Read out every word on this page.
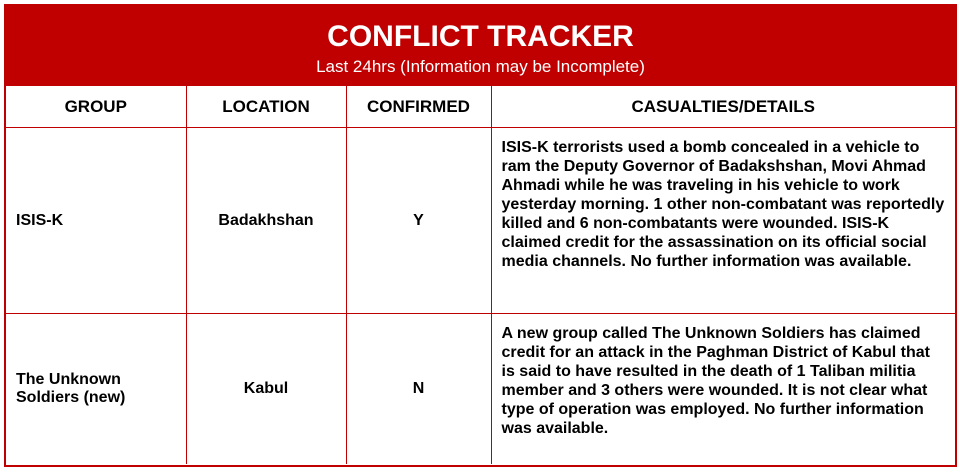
CONFLICT TRACKER
Last 24hrs (Information may be Incomplete)
GROUP	LOCATION	CONFIRMED	CASUALTIES/DETAILS
ISIS-K	Badakhshan	Y	ISIS-K terrorists used a bomb concealed in a vehicle to ram the Deputy Governor of Badakshshan, Movi Ahmad Ahmadi while he was traveling in his vehicle to work yesterday morning. 1 other non-combatant was reportedly killed and 6 non-combatants were wounded. ISIS-K claimed credit for the assassination on its official social media channels. No further information was available.
The Unknown Soldiers (new)	Kabul	N	A new group called The Unknown Soldiers has claimed credit for an attack in the Paghman District of Kabul that is said to have resulted in the death of 1 Taliban militia member and 3 others were wounded. It is not clear what type of operation was employed. No further information was available.
